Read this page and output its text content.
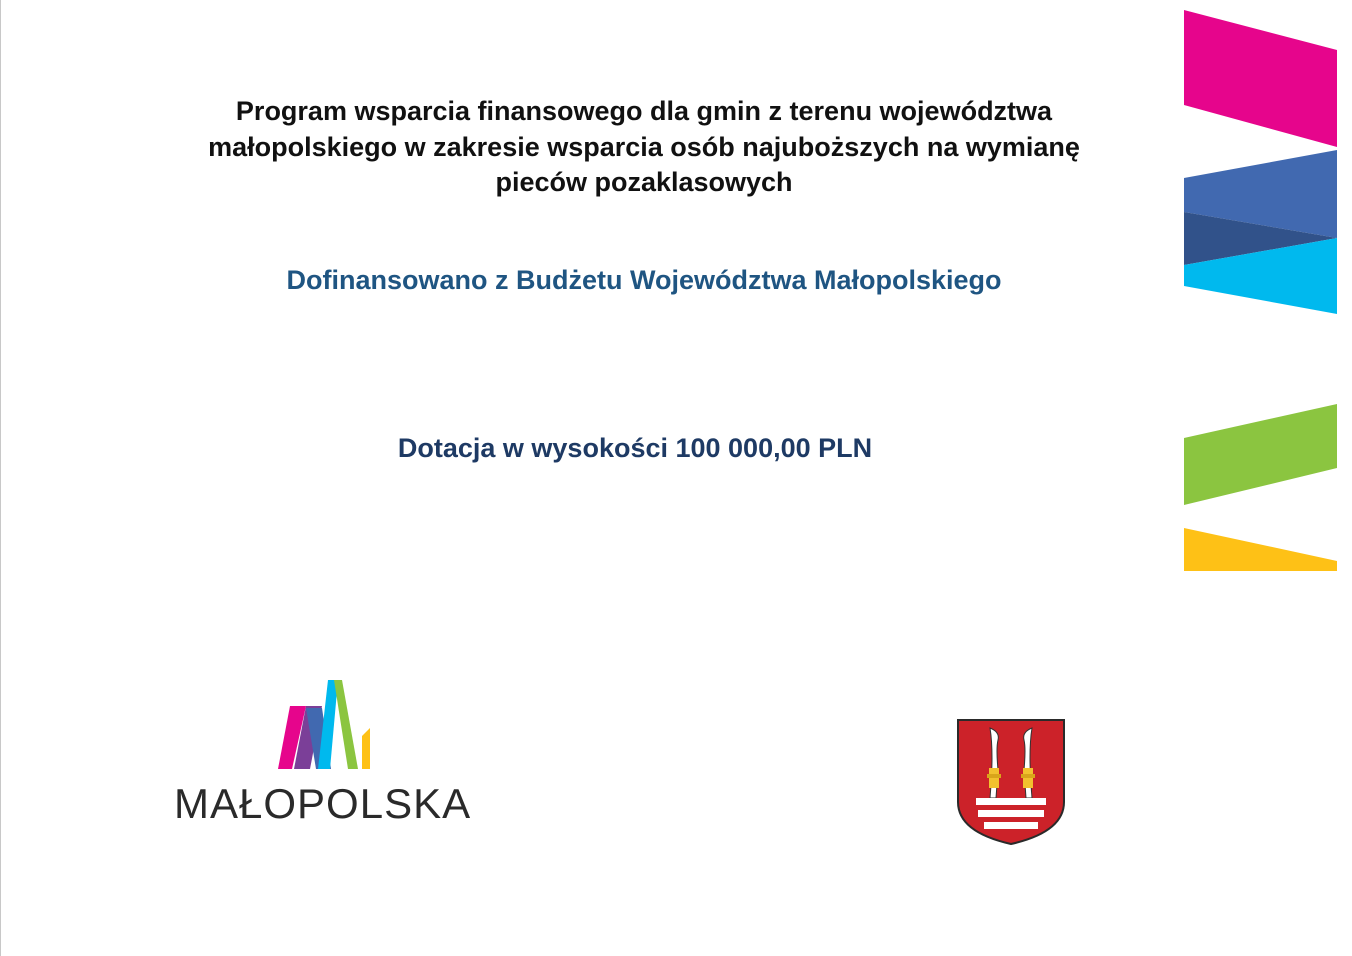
Program wsparcia finansowego dla gmin z terenu województwa
małopolskiego w zakresie wsparcia osób najuboższych na wymianę
pieców pozaklasowych

Dofinansowano z Budżetu Województwa Małopolskiego

Dotacja w wysokości 100 000,00 PLN

MAŁOPOLSKA
